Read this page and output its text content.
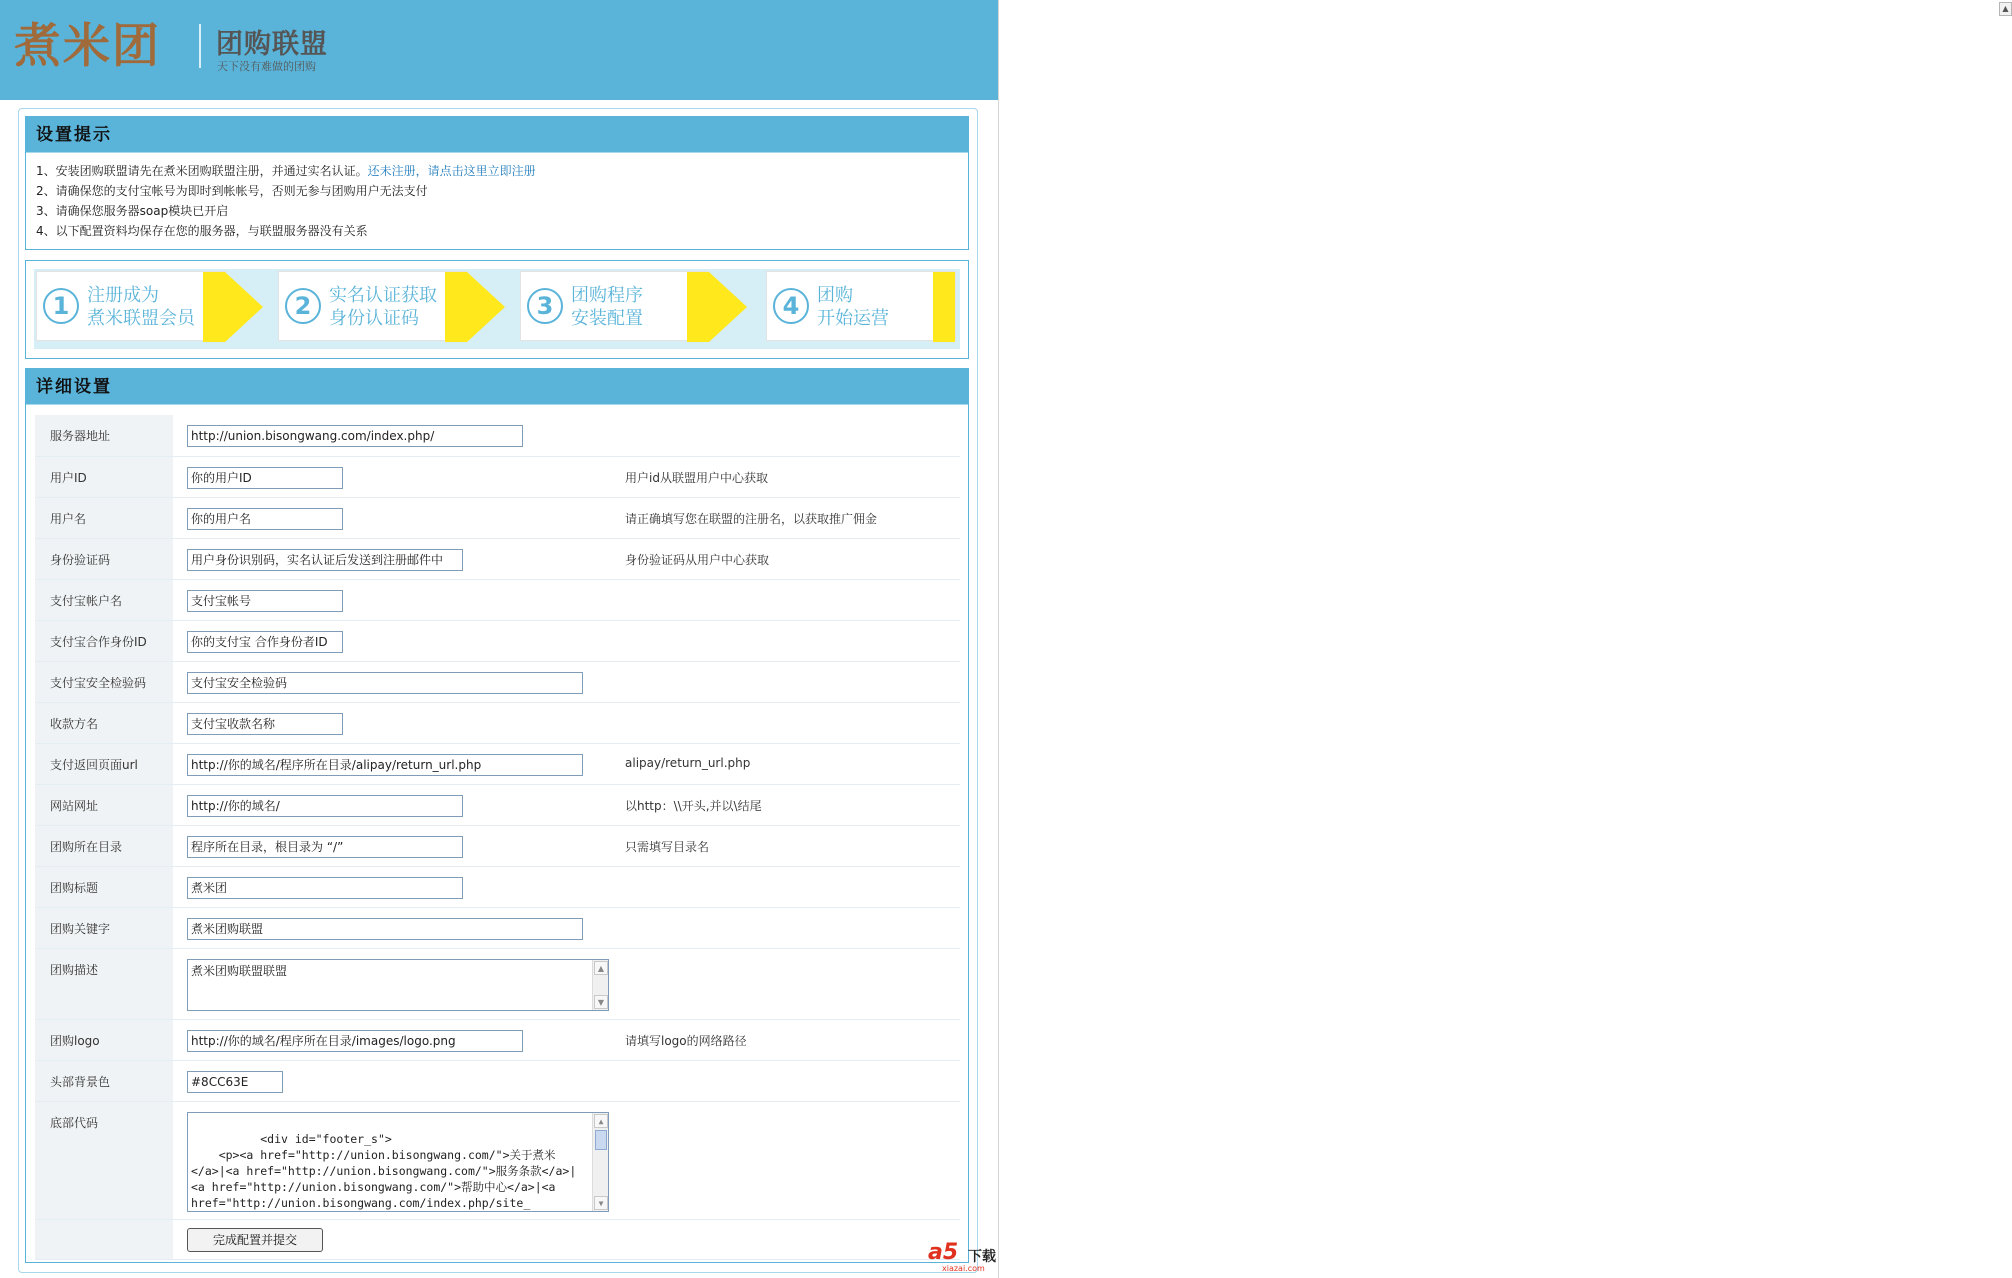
煮米团	团购联盟
天下没有难做的团购
▲
设置提示
1、安装团购联盟请先在煮米团购联盟注册，并通过实名认证。还未注册，请点击这里立即注册
2、请确保您的支付宝帐号为即时到帐帐号，否则无参与团购用户无法支付
3、请确保您服务器soap模块已开启
4、以下配置资料均保存在您的服务器，与联盟服务器没有关系
1 注册成为
煮米联盟会员	2 实名认证获取
身份认证码	3 团购程序
安装配置	4 团购
开始运营
详细设置
服务器地址	http://union.bisongwang.com/index.php/	
用户ID	你的用户ID	用户id从联盟用户中心获取
用户名	你的用户名	请正确填写您在联盟的注册名，以获取推广佣金
身份验证码	用户身份识别码，实名认证后发送到注册邮件中	身份验证码从用户中心获取
支付宝帐户名	支付宝帐号	
支付宝合作身份ID	你的支付宝 合作身份者ID	
支付宝安全检验码	支付宝安全检验码	
收款方名	支付宝收款名称	
支付返回页面url	http://你的域名/程序所在目录/alipay/return_url.php	alipay/return_url.php
网站网址	http://你的域名/	以http：\\开头,并以\结尾
团购所在目录	程序所在目录，根目录为 “/”	只需填写目录名
团购标题	煮米团	
团购关键字	煮米团购联盟	
团购描述	煮米团购联盟联盟 ▲
▼	

团购logo	http://你的域名/程序所在目录/images/logo.png	请填写logo的网络路径
头部背景色	#8CC63E	
底部代码	<div id="footer_s">
<p><a href="http://union.bisongwang.com/">关于煮米</a>|<a href="http://union.bisongwang.com/">服务条款</a>|<a href="http://union.bisongwang.com/">帮助中心</a>|<a
href="http://union.bisongwang.com/index.php/site_

▲

▼	

	完成配置并提交		a5 下载
xiazai.com
